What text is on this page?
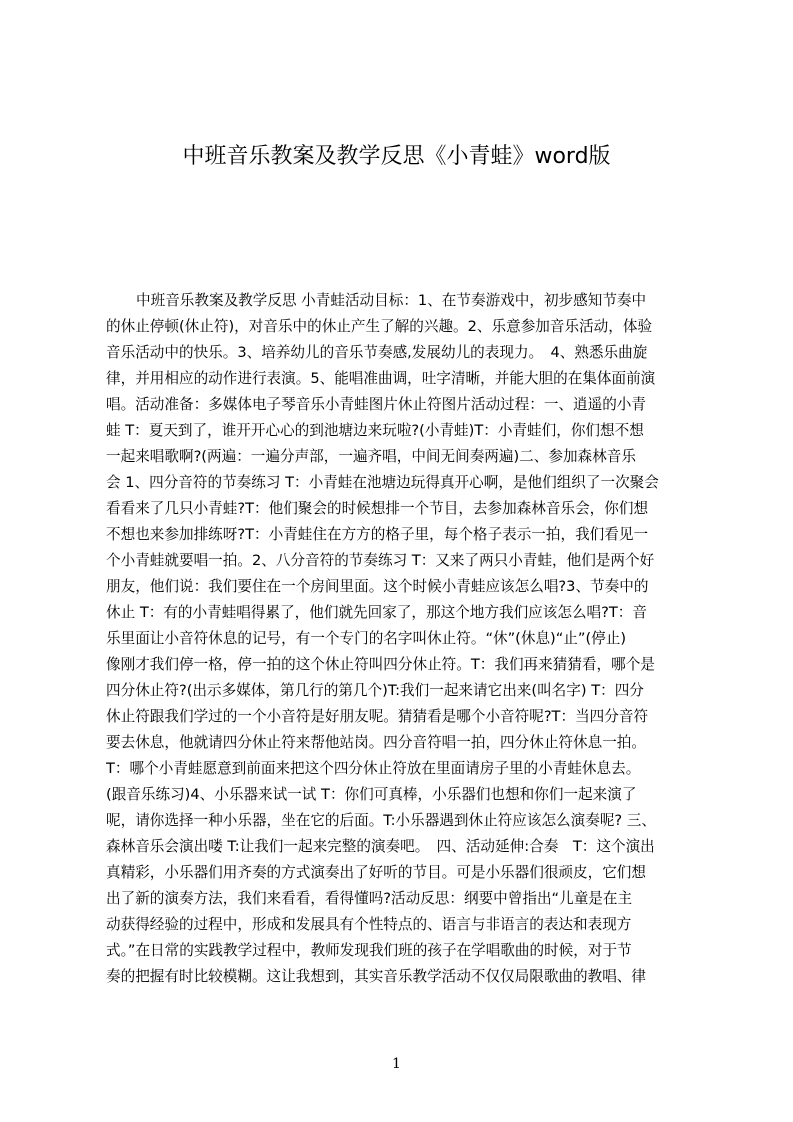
中班音乐教案及教学反思《小青蛙》word版
中班音乐教案及教学反思 小青蛙活动目标：1、在节奏游戏中，初步感知节奏中
的休止停顿(休止符)，对音乐中的休止产生了解的兴趣。2、乐意参加音乐活动，体验
音乐活动中的快乐。3、培养幼儿的音乐节奏感,发展幼儿的表现力。　4、熟悉乐曲旋
律，并用相应的动作进行表演。5、能唱准曲调，吐字清晰，并能大胆的在集体面前演
唱。活动准备：多媒体电子琴音乐小青蛙图片休止符图片活动过程：一、逍遥的小青
蛙 T：夏天到了，谁开开心心的到池塘边来玩啦?(小青蛙)T：小青蛙们，你们想不想
一起来唱歌啊?(两遍：一遍分声部，一遍齐唱，中间无间奏两遍)二、参加森林音乐
会 1、四分音符的节奏练习 T：小青蛙在池塘边玩得真开心啊，是他们组织了一次聚会
看看来了几只小青蛙?T：他们聚会的时候想排一个节目，去参加森林音乐会，你们想
不想也来参加排练呀?T：小青蛙住在方方的格子里，每个格子表示一拍，我们看见一
个小青蛙就要唱一拍。2、八分音符的节奏练习 T：又来了两只小青蛙，他们是两个好
朋友，他们说：我们要住在一个房间里面。这个时候小青蛙应该怎么唱?3、节奏中的
休止 T：有的小青蛙唱得累了，他们就先回家了，那这个地方我们应该怎么唱?T：音
乐里面让小音符休息的记号，有一个专门的名字叫休止符。“休”(休息)“止”(停止)
像刚才我们停一格，停一拍的这个休止符叫四分休止符。T：我们再来猜猜看，哪个是
四分休止符?(出示多媒体，第几行的第几个)T:我们一起来请它出来(叫名字) T：四分
休止符跟我们学过的一个小音符是好朋友呢。猜猜看是哪个小音符呢?T：当四分音符
要去休息，他就请四分休止符来帮他站岗。四分音符唱一拍，四分休止符休息一拍。
T：哪个小青蛙愿意到前面来把这个四分休止符放在里面请房子里的小青蛙休息去。
(跟音乐练习)4、小乐器来试一试 T：你们可真棒，小乐器们也想和你们一起来演了
呢，请你选择一种小乐器，坐在它的后面。T:小乐器遇到休止符应该怎么演奏呢? 三、
森林音乐会演出喽 T:让我们一起来完整的演奏吧。　四、活动延伸:合奏　T：这个演出
真精彩，小乐器们用齐奏的方式演奏出了好听的节目。可是小乐器们很顽皮，它们想
出了新的演奏方法，我们来看看，看得懂吗?活动反思：纲要中曾指出“儿童是在主
动获得经验的过程中，形成和发展具有个性特点的、语言与非语言的表达和表现方
式。”在日常的实践教学过程中，教师发现我们班的孩子在学唱歌曲的时候，对于节
奏的把握有时比较模糊。这让我想到，其实音乐教学活动不仅仅局限歌曲的教唱、律
1
